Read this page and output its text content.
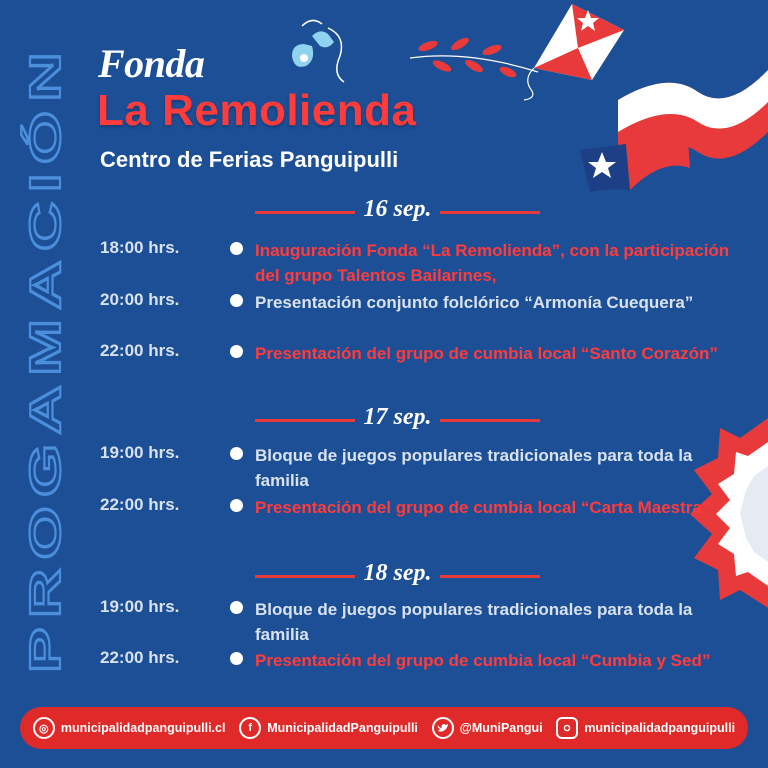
PROGAMACIÓN
Fonda
La Remolienda
Centro de Ferias Panguipulli
16 sep.
18:00 hrs.	Inauguración Fonda “La Remolienda”, con la participación del grupo Talentos Bailarines,
20:00 hrs.	Presentación conjunto folclórico “Armonía Cuequera”
22:00 hrs.	Presentación del grupo de cumbia local “Santo Corazón”
17 sep.
19:00 hrs.	Bloque de juegos populares tradicionales para toda la familia
22:00 hrs.	Presentación del grupo de cumbia local “Carta Maestra”
18 sep.
19:00 hrs.	Bloque de juegos populares tradicionales para toda la familia
22:00 hrs.	Presentación del grupo de cumbia local “Cumbia y Sed”
◎ municipalidadpanguipulli.cl	f	MunicipalidadPanguipulli	@MuniPangui	municipalidadpanguipulli
